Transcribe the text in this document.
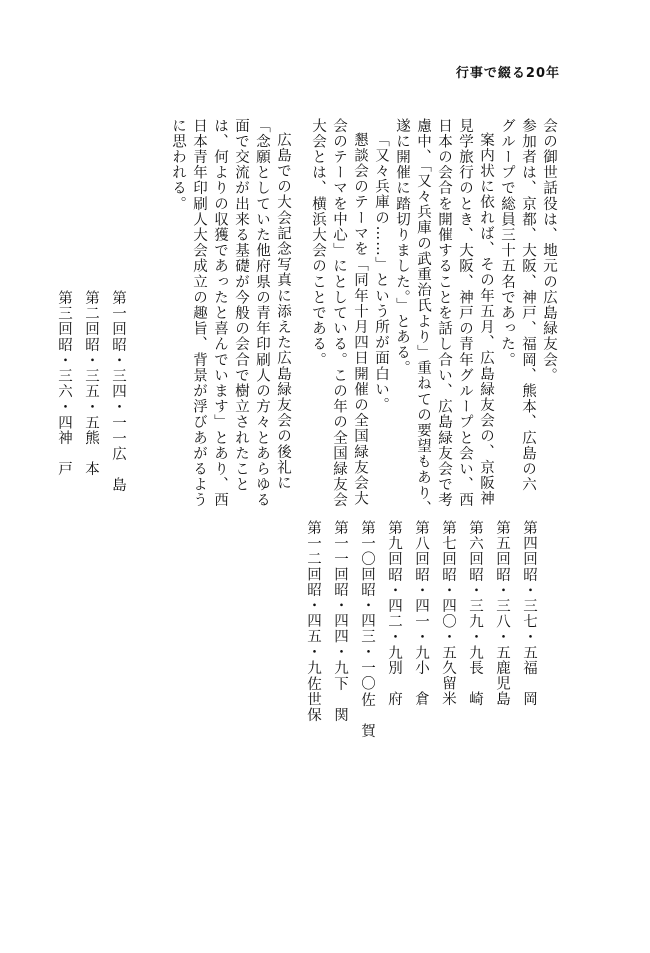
行事で綴る20年
会の御世話役は、地元の広島緑友会。
参加者は、京都、大阪、神戸、福岡、熊本、広島の六
グループで総員三十五名であった。
案内状に依れば、その年五月、広島緑友会の、京阪神
見学旅行のとき、大阪、神戸の青年グループと会い、西
日本の会合を開催することを話し合い、広島緑友会で考
慮中、「又々兵庫の武重治氏より」重ねての要望もあり、
遂に開催に踏切りました。」とある。
「又々兵庫の……」という所が面白い。
懇談会のテーマを「同年十月四日開催の全国緑友会大
会のテーマを中心」にとしている。この年の全国緑友会
大会とは、横浜大会のことである。
広島での大会記念写真に添えた広島緑友会の後礼に
「念願としていた他府県の青年印刷人の方々とあらゆる
面で交流が出来る基礎が今般の会合で樹立されたこと
は、何よりの収獲であったと喜んでいます」とあり、西
日本青年印刷人大会成立の趣旨、背景が浮びあがるよう
に思われる。
第一回昭・三四・一一広　島
第二回昭・三五・五熊　本
第三回昭・三六・四神　戸
第四回昭・三七・五福　岡
第五回昭・三八・五鹿児島
第六回昭・三九・九長　崎
第七回昭・四〇・五久留米
第八回昭・四一・九小　倉
第九回昭・四二・九別　府
第一〇回昭・四三・一〇佐　賀
第一一回昭・四四・九下　関
第一二回昭・四五・九佐世保
